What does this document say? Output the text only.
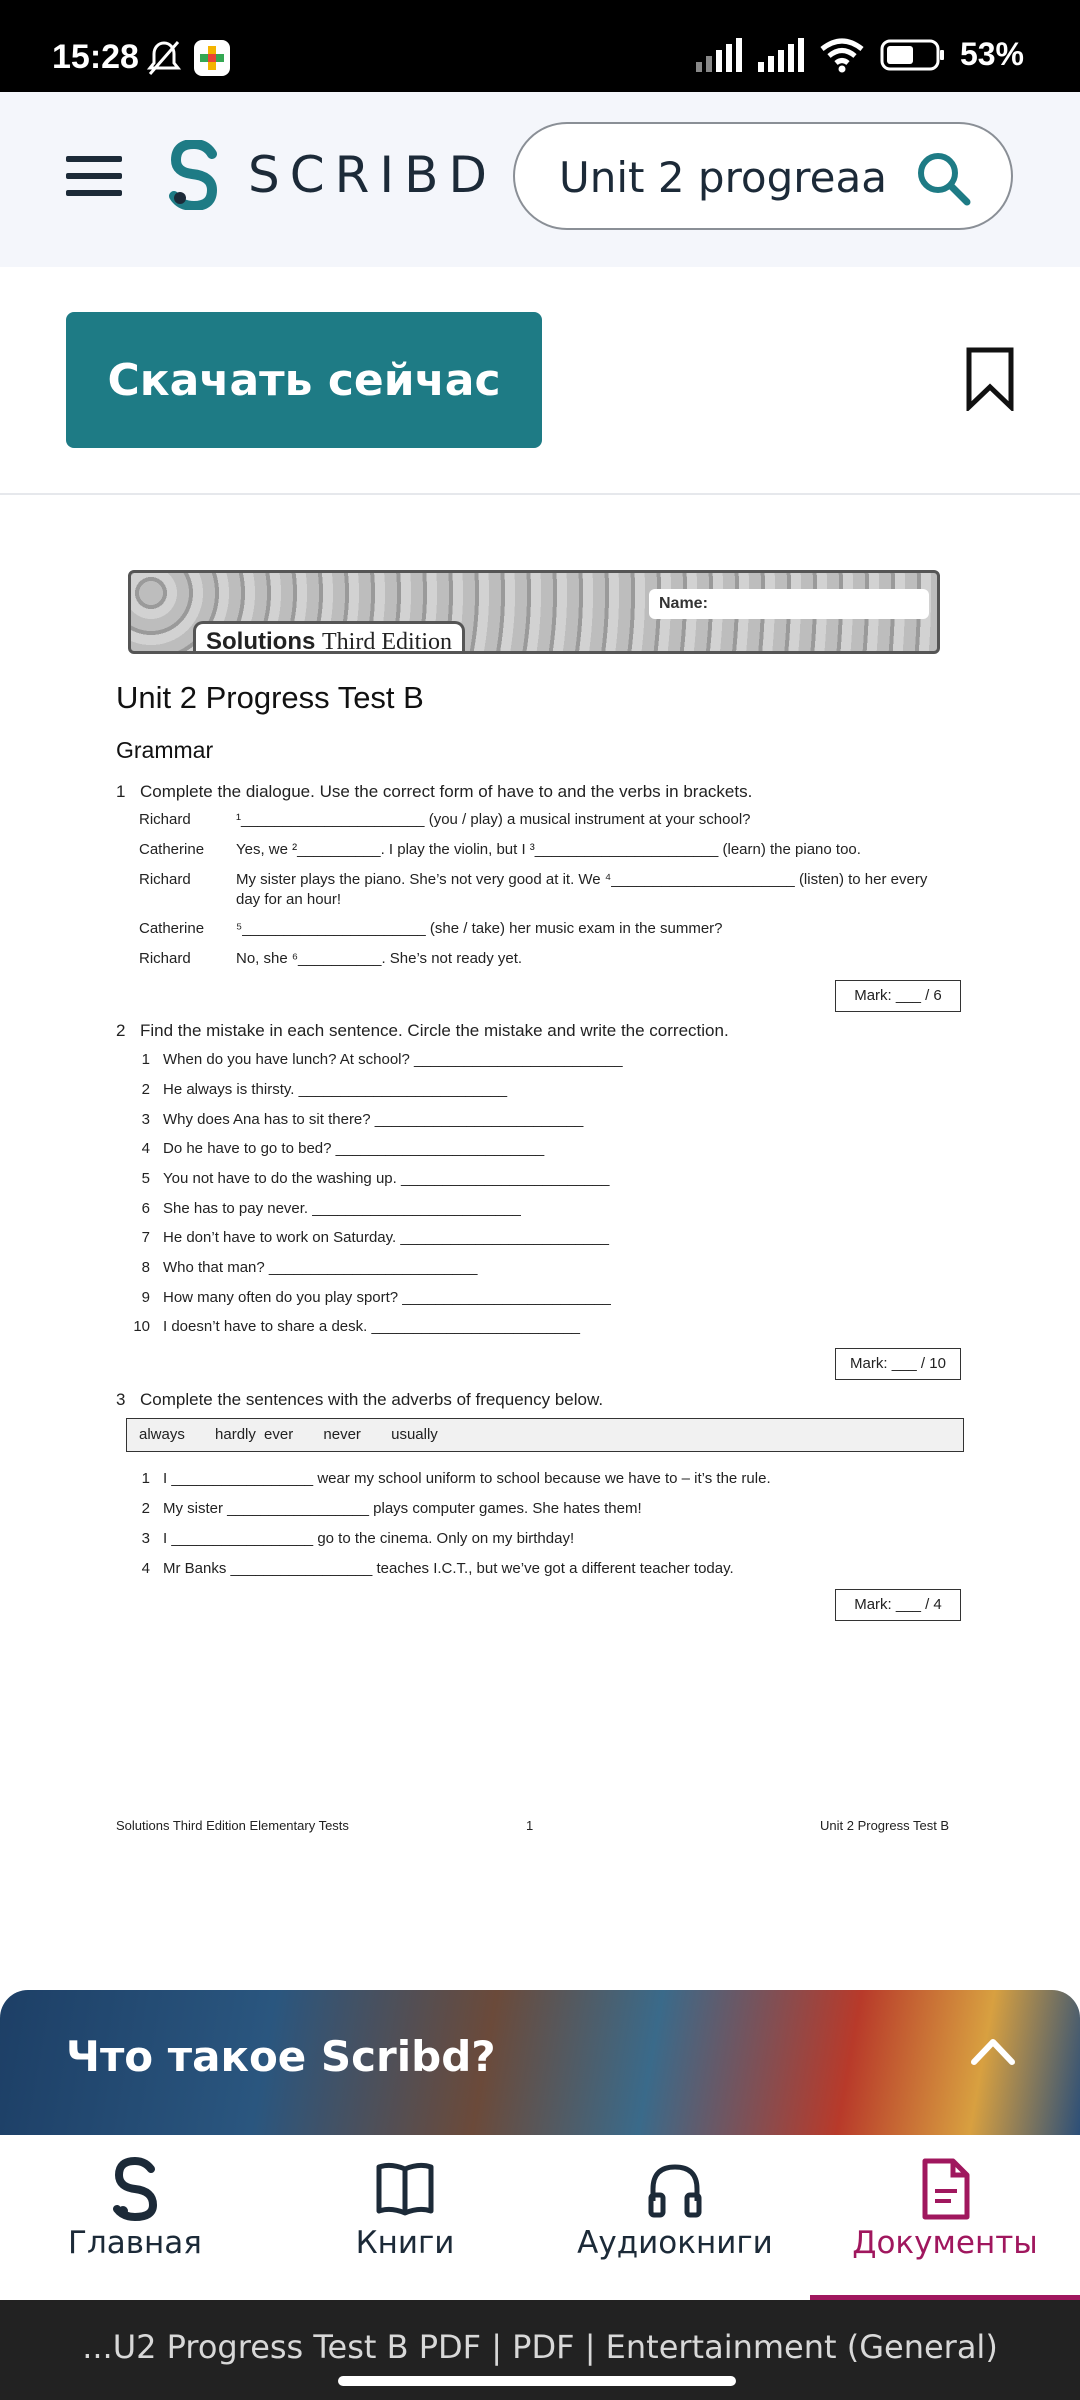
15:28	53%
SCRIBD
Unit 2 progreaa
Скачать сейчас
Name:
Solutions Third Edition
Unit 2 Progress Test B
Grammar
1 Complete the dialogue. Use the correct form of have to and the verbs in brackets.
Richard	¹______________________ (you / play) a musical instrument at your school?
Catherine Yes, we ²__________. I play the violin, but I ³______________________ (learn) the piano too.
Richard	My sister plays the piano. She’s not very good at it. We ⁴______________________ (listen) to her every
day for an hour!
Catherine ⁵______________________ (she / take) her music exam in the summer?
Richard	No, she ⁶__________. She’s not ready yet.
Mark: ___ / 6
2 Find the mistake in each sentence. Circle the mistake and write the correction.
1 When do you have lunch? At school? _________________________
2 He always is thirsty. _________________________
3 Why does Ana has to sit there? _________________________
4 Do he have to go to bed? _________________________
5 You not have to do the washing up. _________________________
6 She has to pay never. _________________________
7 He don’t have to work on Saturday. _________________________
8 Who that man? _________________________
9 How many often do you play sport? _________________________
10 I doesn’t have to share a desk. _________________________
Mark: ___ / 10
3 Complete the sentences with the adverbs of frequency below.
always hardly ever never usually
1 I _________________ wear my school uniform to school because we have to – it’s the rule.
2 My sister _________________ plays computer games. She hates them!
3 I _________________ go to the cinema. Only on my birthday!
4 Mr Banks _________________ teaches I.C.T., but we’ve got a different teacher today.
Mark: ___ / 4
Solutions Third Edition Elementary Tests	1	Unit 2 Progress Test B
Что такое Scribd?
Главная	Книги	Аудиокниги	Документы
...U2 Progress Test B PDF | PDF | Entertainment (General)
